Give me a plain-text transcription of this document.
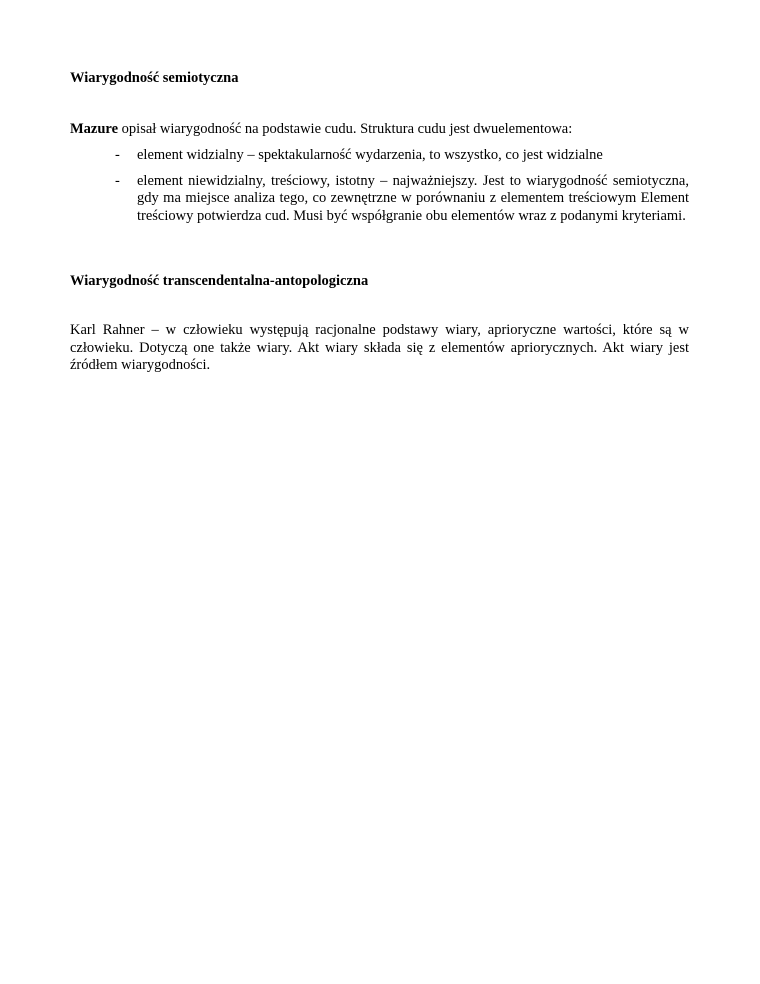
Wiarygodność semiotyczna

Mazure opisał wiarygodność na podstawie cudu. Struktura cudu jest dwuelementowa:

- element widzialny – spektakularność wydarzenia, to wszystko, co jest widzialne
- element niewidzialny, treściowy, istotny – najważniejszy. Jest to wiarygodność semiotyczna, gdy ma miejsce analiza tego, co zewnętrzne w porównaniu z elementem treściowym Element treściowy potwierdza cud. Musi być współgranie obu elementów wraz z podanymi kryteriami.
Wiarygodność transcendentalna-antopologiczna

Karl Rahner – w człowieku występują racjonalne podstawy wiary, aprioryczne wartości, które są w człowieku. Dotyczą one także wiary. Akt wiary składa się z elementów apriorycznych. Akt wiary jest źródłem wiarygodności.
